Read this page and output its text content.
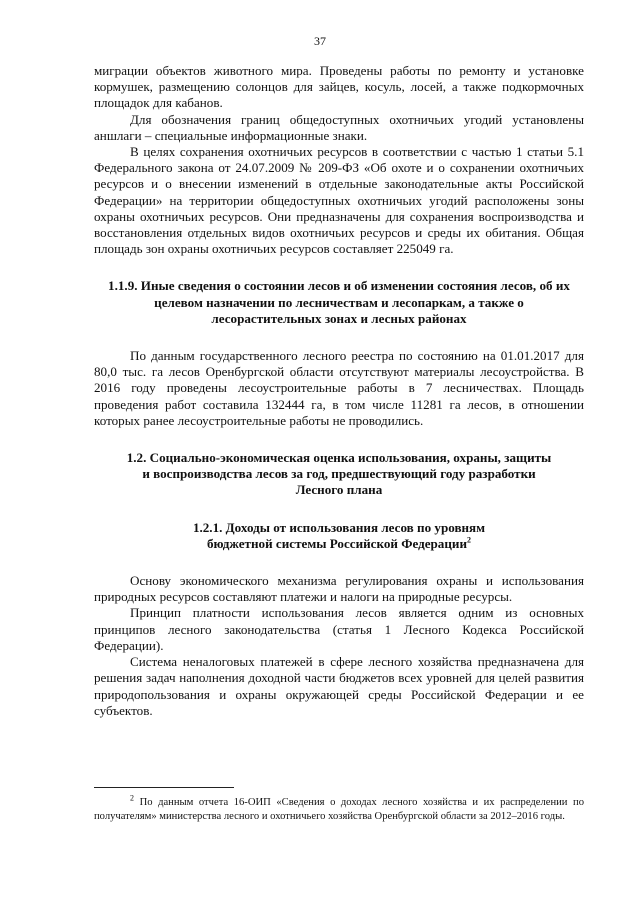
37

миграции объектов животного мира. Проведены работы по ремонту и установке кормушек, размещению солонцов для зайцев, косуль, лосей, а также подкормочных площадок для кабанов.

Для обозначения границ общедоступных охотничьих угодий установлены аншлаги – специальные информационные знаки.

В целях сохранения охотничьих ресурсов в соответствии с частью 1 статьи 5.1 Федерального закона от 24.07.2009 № 209-ФЗ «Об охоте и о сохранении охотничьих ресурсов и о внесении изменений в отдельные законодательные акты Российской Федерации» на территории общедоступных охотничьих угодий расположены зоны охраны охотничьих ресурсов. Они предназначены для сохранения воспроизводства и восстановления отдельных видов охотничьих ресурсов и среды их обитания. Общая площадь зон охраны охотничьих ресурсов составляет 225049 га.

1.1.9. Иные сведения о состоянии лесов и об изменении состояния лесов, об их целевом назначении по лесничествам и лесопаркам, а также о лесорастительных зонах и лесных районах

По данным государственного лесного реестра по состоянию на 01.01.2017 для 80,0 тыс. га лесов Оренбургской области отсутствуют материалы лесоустройства. В 2016 году проведены лесоустроительные работы в 7 лесничествах. Площадь проведения работ составила 132444 га, в том числе 11281 га лесов, в отношении которых ранее лесоустроительные работы не проводились.

1.2. Социально-экономическая оценка использования, охраны, защиты и воспроизводства лесов за год, предшествующий году разработки Лесного плана

1.2.1. Доходы от использования лесов по уровням
бюджетной системы Российской Федерации$^2$

Основу экономического механизма регулирования охраны и использования природных ресурсов составляют платежи и налоги на природные ресурсы.

Принцип платности использования лесов является одним из основных принципов лесного законодательства (статья 1 Лесного Кодекса Российской Федерации).

Система неналоговых платежей в сфере лесного хозяйства предназначена для решения задач наполнения доходной части бюджетов всех уровней для целей развития природопользования и охраны окружающей среды Российской Федерации и ее субъектов.

$^2$ По данным отчета 16-ОИП «Сведения о доходах лесного хозяйства и их распределении по получателям» министерства лесного и охотничьего хозяйства Оренбургской области за 2012–2016 годы.
